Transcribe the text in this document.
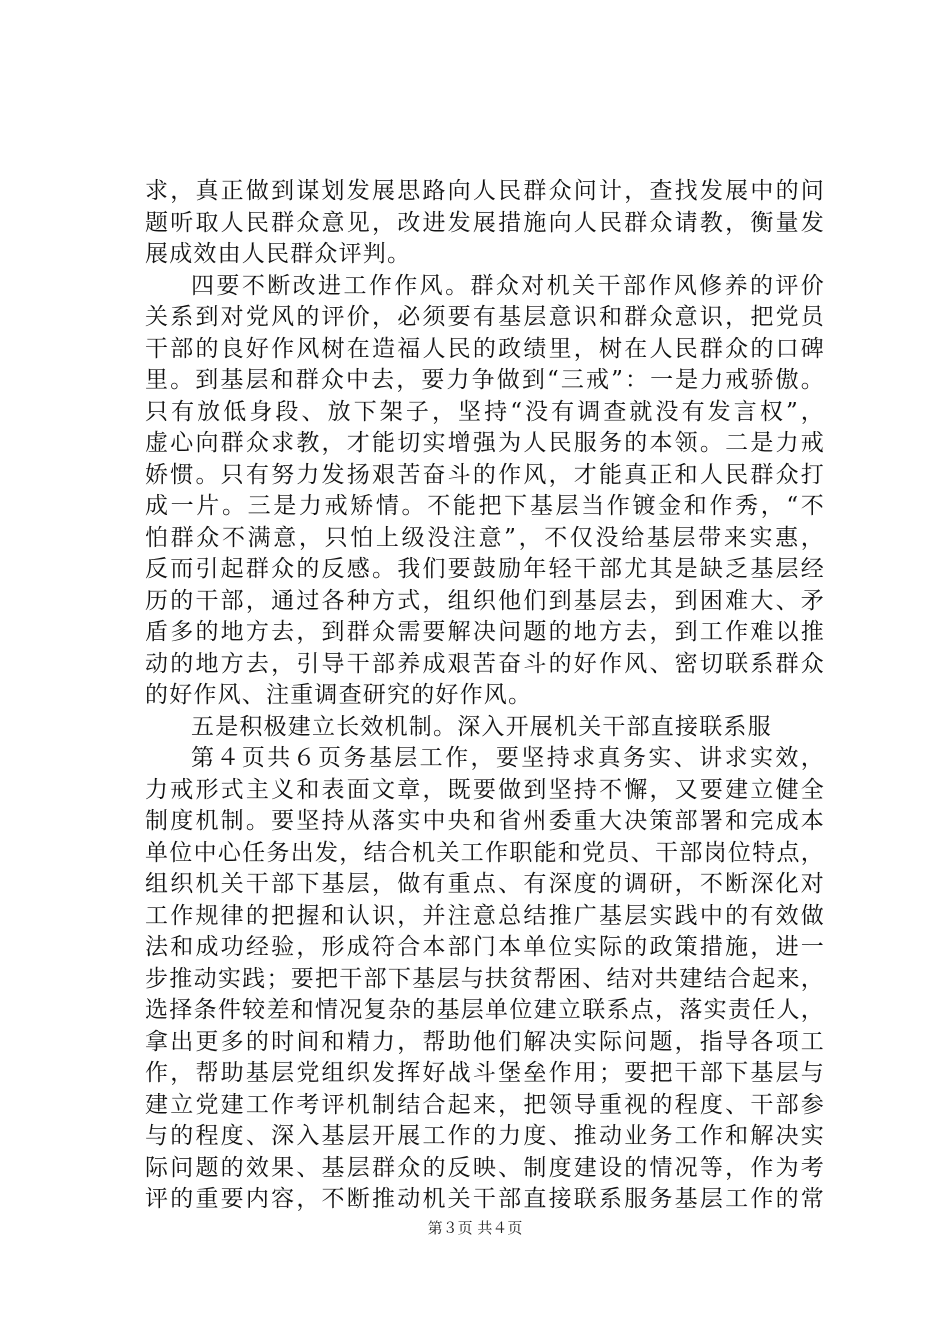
求，真正做到谋划发展思路向人民群众问计，查找发展中的问
题听取人民群众意见，改进发展措施向人民群众请教，衡量发
展成效由人民群众评判。
四要不断改进工作作风。群众对机关干部作风修养的评价
关系到对党风的评价，必须要有基层意识和群众意识，把党员
干部的良好作风树在造福人民的政绩里，树在人民群众的口碑
里。到基层和群众中去，要力争做到“三戒”：一是力戒骄傲。
只有放低身段、放下架子，坚持“没有调查就没有发言权”，
虚心向群众求教，才能切实增强为人民服务的本领。二是力戒
娇惯。只有努力发扬艰苦奋斗的作风，才能真正和人民群众打
成一片。三是力戒矫情。不能把下基层当作镀金和作秀，“不
怕群众不满意，只怕上级没注意”，不仅没给基层带来实惠，
反而引起群众的反感。我们要鼓励年轻干部尤其是缺乏基层经
历的干部，通过各种方式，组织他们到基层去，到困难大、矛
盾多的地方去，到群众需要解决问题的地方去，到工作难以推
动的地方去，引导干部养成艰苦奋斗的好作风、密切联系群众
的好作风、注重调查研究的好作风。
五是积极建立长效机制。深入开展机关干部直接联系服
第４页共６页务基层工作，要坚持求真务实、讲求实效，
力戒形式主义和表面文章，既要做到坚持不懈，又要建立健全
制度机制。要坚持从落实中央和省州委重大决策部署和完成本
单位中心任务出发，结合机关工作职能和党员、干部岗位特点，
组织机关干部下基层，做有重点、有深度的调研，不断深化对
工作规律的把握和认识，并注意总结推广基层实践中的有效做
法和成功经验，形成符合本部门本单位实际的政策措施，进一
步推动实践；要把干部下基层与扶贫帮困、结对共建结合起来，
选择条件较差和情况复杂的基层单位建立联系点，落实责任人，
拿出更多的时间和精力，帮助他们解决实际问题，指导各项工
作，帮助基层党组织发挥好战斗堡垒作用；要把干部下基层与
建立党建工作考评机制结合起来，把领导重视的程度、干部参
与的程度、深入基层开展工作的力度、推动业务工作和解决实
际问题的效果、基层群众的反映、制度建设的情况等，作为考
评的重要内容，不断推动机关干部直接联系服务基层工作的常
第３页 共４页
